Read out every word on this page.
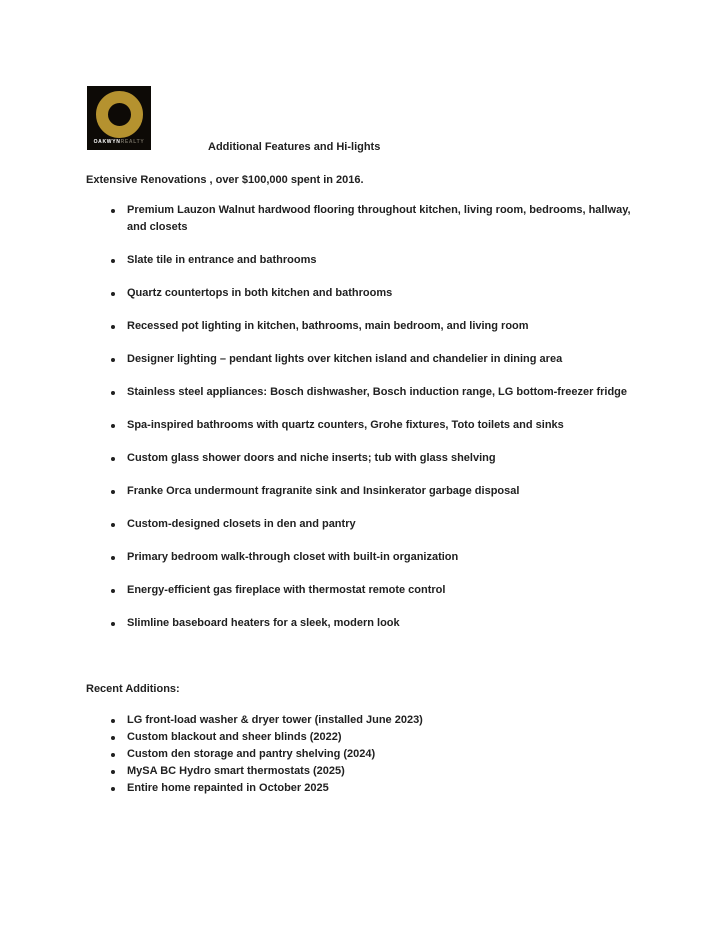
OAKWYNREALTY	Additional Features and Hi-lights
Extensive Renovations , over $100,000 spent in 2016.
Premium Lauzon Walnut hardwood flooring throughout kitchen, living room, bedrooms, hallway, and closets
Slate tile in entrance and bathrooms
Quartz countertops in both kitchen and bathrooms
Recessed pot lighting in kitchen, bathrooms, main bedroom, and living room
Designer lighting – pendant lights over kitchen island and chandelier in dining area
Stainless steel appliances: Bosch dishwasher, Bosch induction range, LG bottom-freezer fridge
Spa-inspired bathrooms with quartz counters, Grohe fixtures, Toto toilets and sinks
Custom glass shower doors and niche inserts; tub with glass shelving
Franke Orca undermount fragranite sink and Insinkerator garbage disposal
Custom-designed closets in den and pantry
Primary bedroom walk-through closet with built-in organization
Energy-efficient gas fireplace with thermostat remote control
Slimline baseboard heaters for a sleek, modern look
Recent Additions:
LG front-load washer & dryer tower (installed June 2023)
Custom blackout and sheer blinds (2022)
Custom den storage and pantry shelving (2024)
MySA BC Hydro smart thermostats (2025)
Entire home repainted in October 2025
